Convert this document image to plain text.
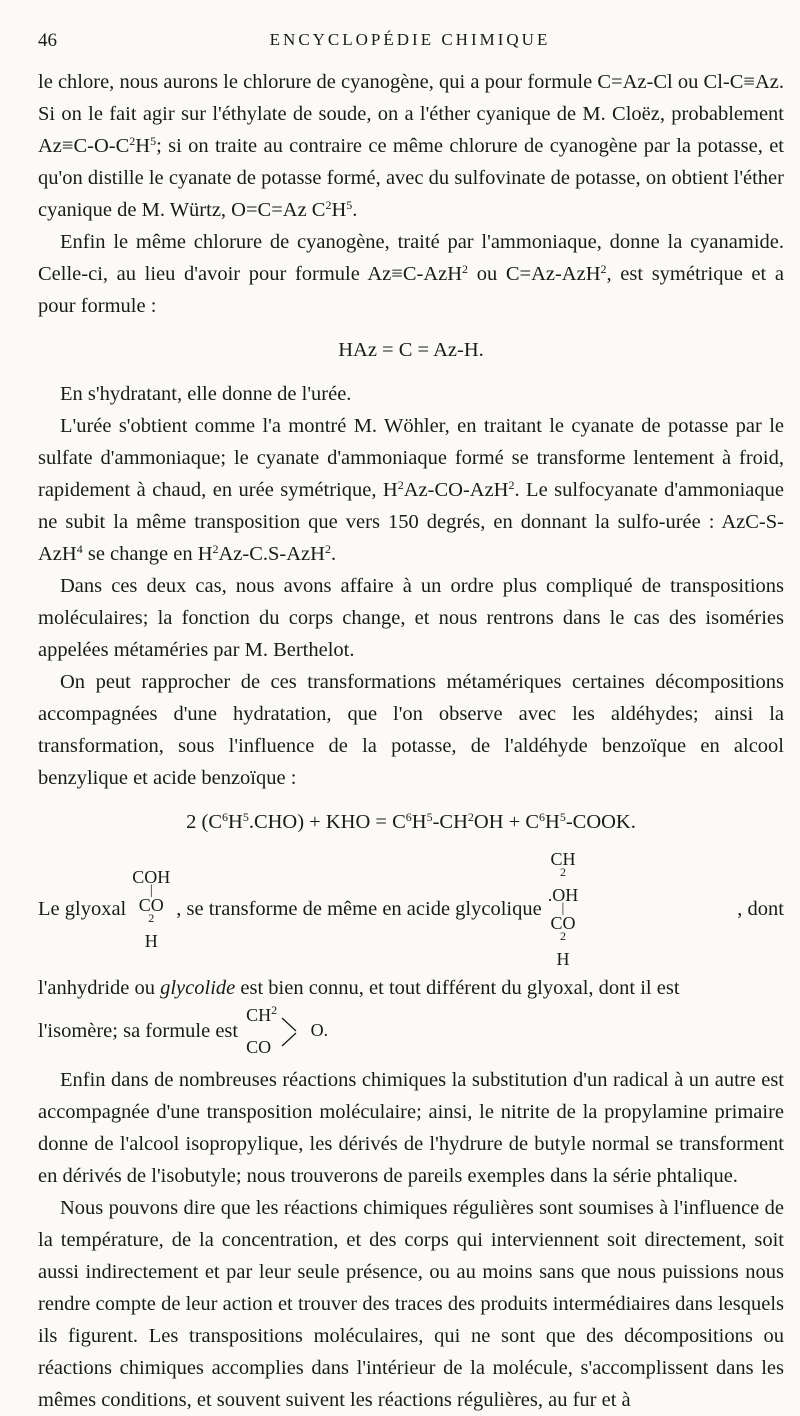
46	ENCYCLOPÉDIE CHIMIQUE

le chlore, nous aurons le chlorure de cyanogène, qui a pour formule C=Az-Cl ou Cl-C≡Az. Si on le fait agir sur l'éthylate de soude, on a l'éther cyanique de M. Cloëz, probablement $Az\equiv C-O-C^2H^5$; si on traite au contraire ce même chlorure de cyanogène par la potasse, et qu'on distille le cyanate de potasse formé, avec du sulfovinate de potasse, on obtient l'éther cyanique de M. Würtz, O=C=Az $C^2H^5$.

Enfin le même chlorure de cyanogène, traité par l'ammoniaque, donne la cyanamide. Celle-ci, au lieu d'avoir pour formule Az≡C-AzH$^2$ ou C=Az-AzH$^2$, est symétrique et a pour formule :

HAz = C = Az-H.

En s'hydratant, elle donne de l'urée.

L'urée s'obtient comme l'a montré M. Wöhler, en traitant le cyanate de potasse par le sulfate d'ammoniaque; le cyanate d'ammoniaque formé se transforme lentement à froid, rapidement à chaud, en urée symétrique, $H^2Az-CO-AzH^2$. Le sulfocyanate d'ammoniaque ne subit la même transposition que vers 150 degrés, en donnant la sulfo-urée : AzC-S-AzH$^4$ se change en $H^2Az-C.S-AzH^2$.

Dans ces deux cas, nous avons affaire à un ordre plus compliqué de transpositions moléculaires; la fonction du corps change, et nous rentrons dans le cas des isoméries appelées métaméries par M. Berthelot.

On peut rapprocher de ces transformations métamériques certaines décompositions accompagnées d'une hydratation, que l'on observe avec les aldéhydes; ainsi la transformation, sous l'influence de la potasse, de l'aldéhyde benzoïque en alcool benzylique et acide benzoïque :

2 $(C^6H^5.CHO)$ + KHO = $C^6H^5-CH^2OH$ + $C^6H^5$-COOK.
Le glyoxal
COH
|
CO
$^2$
H
, se transforme de même en acide glycolique
CH
$^2$
.OH
|
CO
$^2$
H
, dont

l'anhydride ou glycolide est bien connu, et tout différent du glyoxal, dont il est

l'isomère; sa formule est
$CH^2$
CO
O.

Enfin dans de nombreuses réactions chimiques la substitution d'un radical à un autre est accompagnée d'une transposition moléculaire; ainsi, le nitrite de la propylamine primaire donne de l'alcool isopropylique, les dérivés de l'hydrure de butyle normal se transforment en dérivés de l'isobutyle; nous trouverons de pareils exemples dans la série phtalique.

Nous pouvons dire que les réactions chimiques régulières sont soumises à l'influence de la température, de la concentration, et des corps qui interviennent soit directement, soit aussi indirectement et par leur seule présence, ou au moins sans que nous puissions nous rendre compte de leur action et trouver des traces des produits intermédiaires dans lesquels ils figurent. Les transpositions moléculaires, qui ne sont que des décompositions ou réactions chimiques accomplies dans l'intérieur de la molécule, s'accomplissent dans les mêmes conditions, et souvent suivent les réactions régulières, au fur et à
